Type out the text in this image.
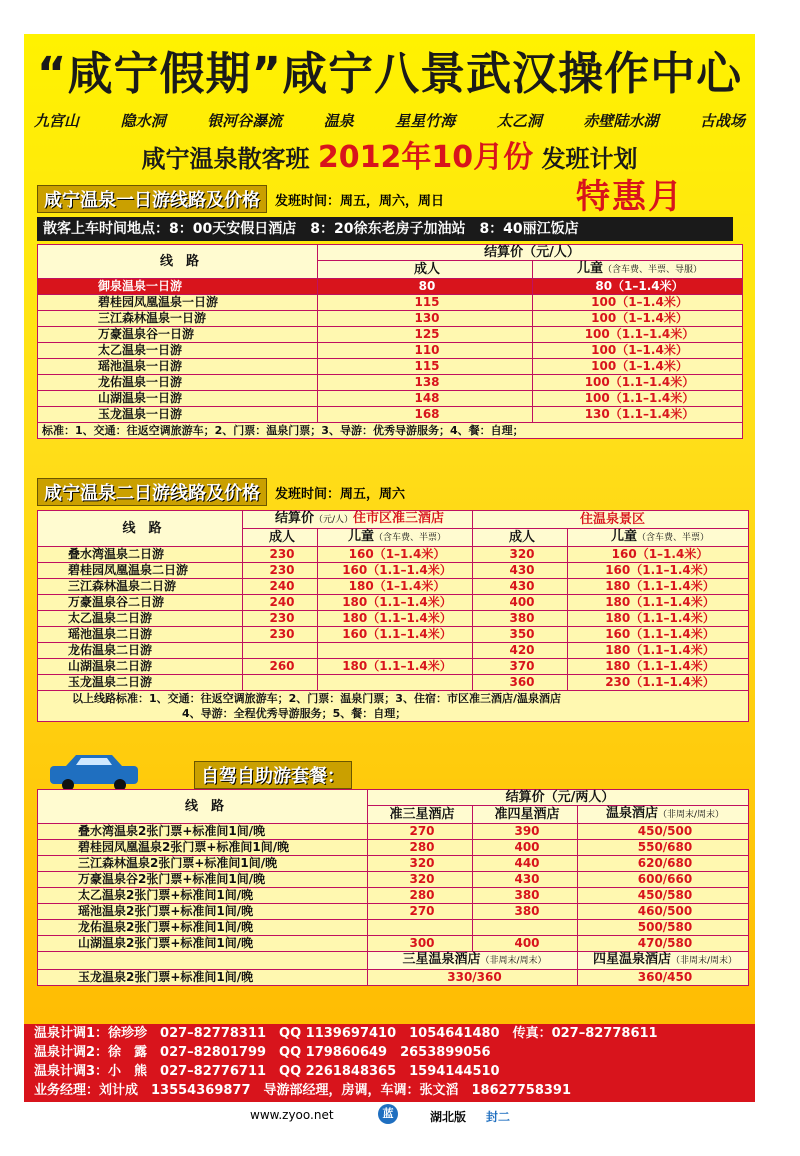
“咸宁假期”咸宁八景武汉操作中心
九宫山	隐水洞	银河谷瀑流	温泉	星星竹海	太乙洞	赤壁陆水湖	古战场
咸宁温泉散客班 2012年10月份 发班计划
咸宁温泉一日游线路及价格	发班时间：周五，周六，周日	特惠月
散客上车时间地点：8：00天安假日酒店　8：20徐东老房子加油站　8：40丽江饭店
线　路	结算价（元/人）	
	成人	儿童（含车费、半票、导服）
御泉温泉一日游	80	80（1–1.4米）
碧桂园凤凰温泉一日游	115	100（1–1.4米）
三江森林温泉一日游	130	100（1–1.4米）
万豪温泉谷一日游	125	100（1.1–1.4米）
太乙温泉一日游	110	100（1–1.4米）
瑶池温泉一日游	115	100（1–1.4米）
龙佑温泉一日游	138	100（1.1–1.4米）
山湖温泉一日游	148	100（1.1–1.4米）
玉龙温泉一日游	168	130（1.1–1.4米）
标准：1、交通：往返空调旅游车；2、门票：温泉门票；3、导游：优秀导游服务；4、餐：自理；		
咸宁温泉二日游线路及价格	发班时间：周五，周六
线　路	结算价（元/人）住市区准三酒店		住温泉景区	
	成人	儿童（含车费、半票）	成人	儿童（含车费、半票）
叠水湾温泉二日游	230	160（1–1.4米）	320	160（1–1.4米）
碧桂园凤凰温泉二日游	230	160（1.1–1.4米）	430	160（1.1–1.4米）
三江森林温泉二日游	240	180（1–1.4米）	430	180（1.1–1.4米）
万豪温泉谷二日游	240	180（1.1–1.4米）	400	180（1.1–1.4米）
太乙温泉二日游	230	180（1.1–1.4米）	380	180（1.1–1.4米）
瑶池温泉二日游	230	160（1.1–1.4米）	350	160（1.1–1.4米）
龙佑温泉二日游			420	180（1.1–1.4米）
山湖温泉二日游	260	180（1.1–1.4米）	370	180（1.1–1.4米）
玉龙温泉二日游			360	230（1.1–1.4米）

以上线路标准：1、交通：往返空调旅游车；2、门票：温泉门票；3、住宿：市区准三酒店/温泉酒店
4、导游：全程优秀导游服务；5、餐：自理；				
自驾自助游套餐：
线　路	结算价（元/两人）		
	准三星酒店	准四星酒店	温泉酒店（非周末/周末）
叠水湾温泉2张门票+标准间1间/晚	270	390	450/500
碧桂园凤凰温泉2张门票+标准间1间/晚	280	400	550/680
三江森林温泉2张门票+标准间1间/晚	320	440	620/680
万豪温泉谷2张门票+标准间1间/晚	320	430	600/660
太乙温泉2张门票+标准间1间/晚	280	380	450/580
瑶池温泉2张门票+标准间1间/晚	270	380	460/500
龙佑温泉2张门票+标准间1间/晚			500/580
山湖温泉2张门票+标准间1间/晚	300	400	470/580
	三星温泉酒店（非周末/周末）		四星温泉酒店（非周末/周末）
玉龙温泉2张门票+标准间1间/晚	330/360		360/450
温泉计调1：徐珍珍　027–82778311　QQ 1139697410　1054641480　传真：027–82778611
温泉计调2：徐　露　027–82801799　QQ 179860649　2653899056
温泉计调3：小　熊　027–82776711　QQ 2261848365　1594144510
业务经理：刘计成　13554369877　导游部经理，房调，车调：张文滔　18627758391
www.zyoo.net	蓝	湖北版 封二
